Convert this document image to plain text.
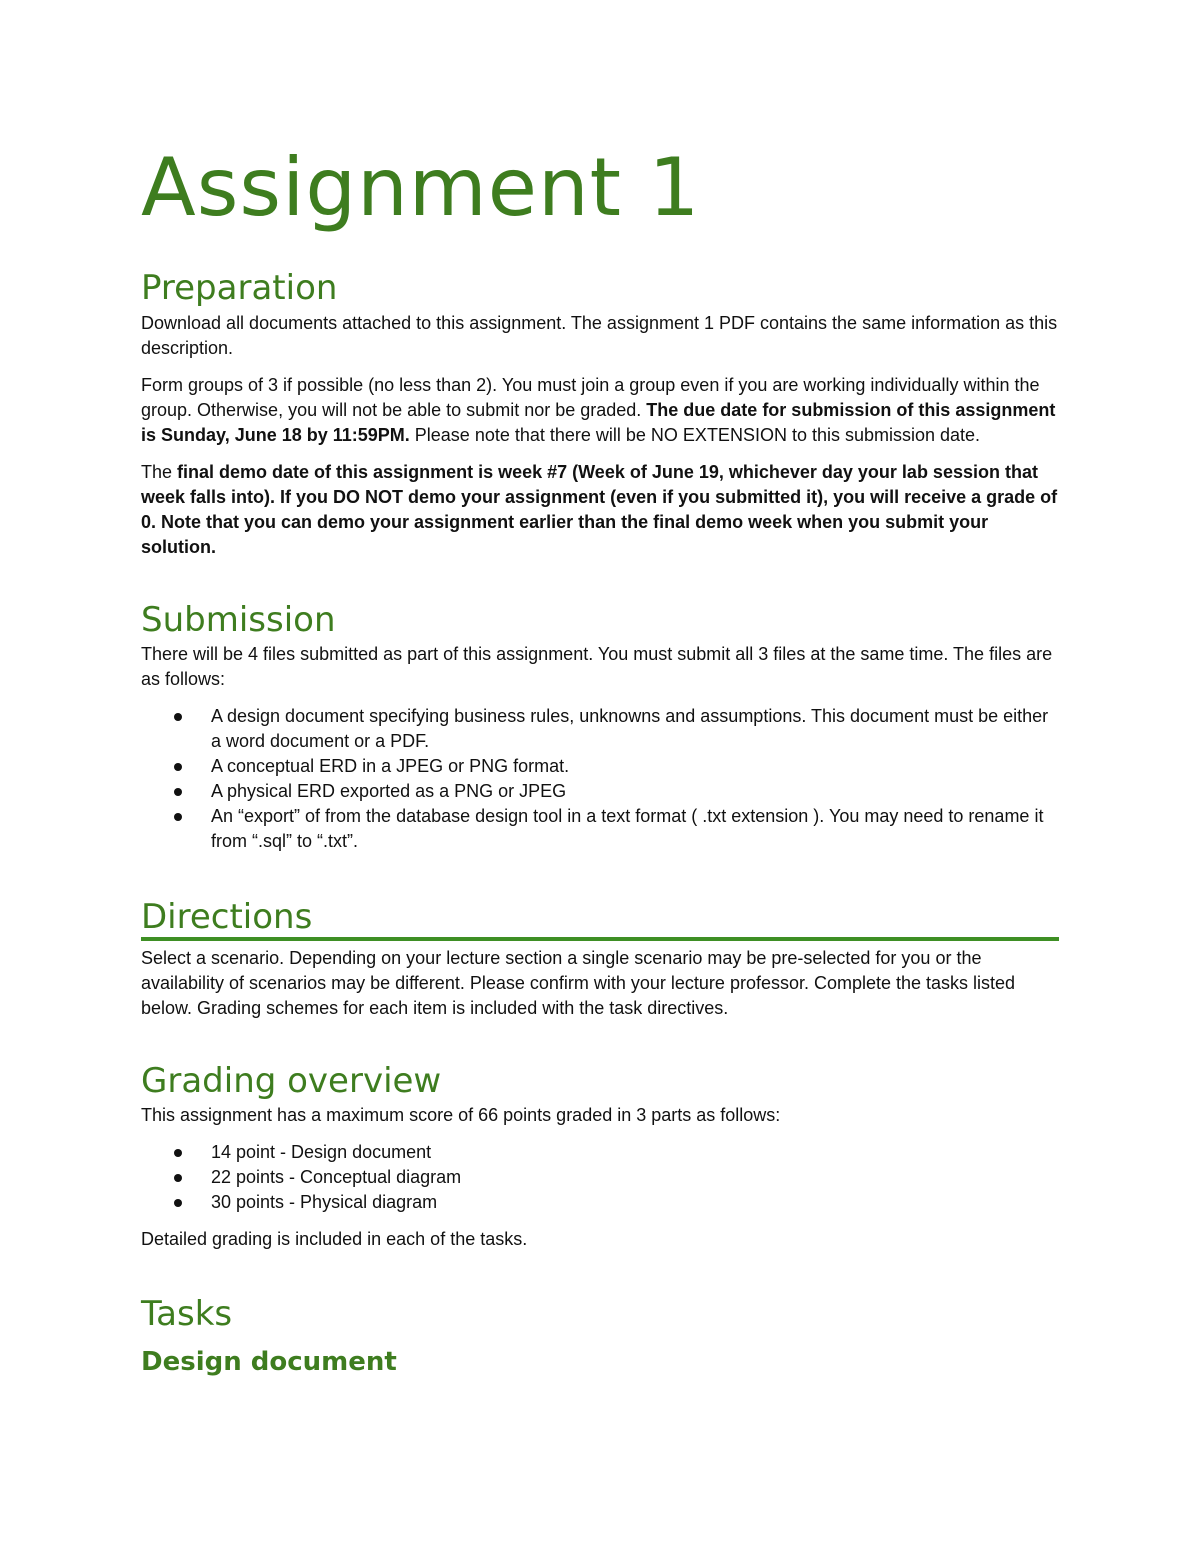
Assignment 1
Preparation

Download all documents attached to this assignment. The assignment 1 PDF contains the same information as this description.

Form groups of 3 if possible (no less than 2). You must join a group even if you are working individually within the group. Otherwise, you will not be able to submit nor be graded. The due date for submission of this assignment is Sunday, June 18 by 11:59PM. Please note that there will be NO EXTENSION to this submission date.

The final demo date of this assignment is week #7 (Week of June 19, whichever day your lab session that week falls into). If you DO NOT demo your assignment (even if you submitted it), you will receive a grade of 0. Note that you can demo your assignment earlier than the final demo week when you submit your solution.

Submission

There will be 4 files submitted as part of this assignment. You must submit all 3 files at the same time. The files are as follows:

A design document specifying business rules, unknowns and assumptions. This document must be either a word document or a PDF.
A conceptual ERD in a JPEG or PNG format.
A physical ERD exported as a PNG or JPEG
An “export” of from the database design tool in a text format ( .txt extension ). You may need to rename it from “.sql” to “.txt”.
Directions

Select a scenario. Depending on your lecture section a single scenario may be pre-selected for you or the availability of scenarios may be different. Please confirm with your lecture professor. Complete the tasks listed below. Grading schemes for each item is included with the task directives.

Grading overview

This assignment has a maximum score of 66 points graded in 3 parts as follows:

14 point - Design document
22 points - Conceptual diagram
30 points - Physical diagram

Detailed grading is included in each of the tasks.

Tasks
Design document
